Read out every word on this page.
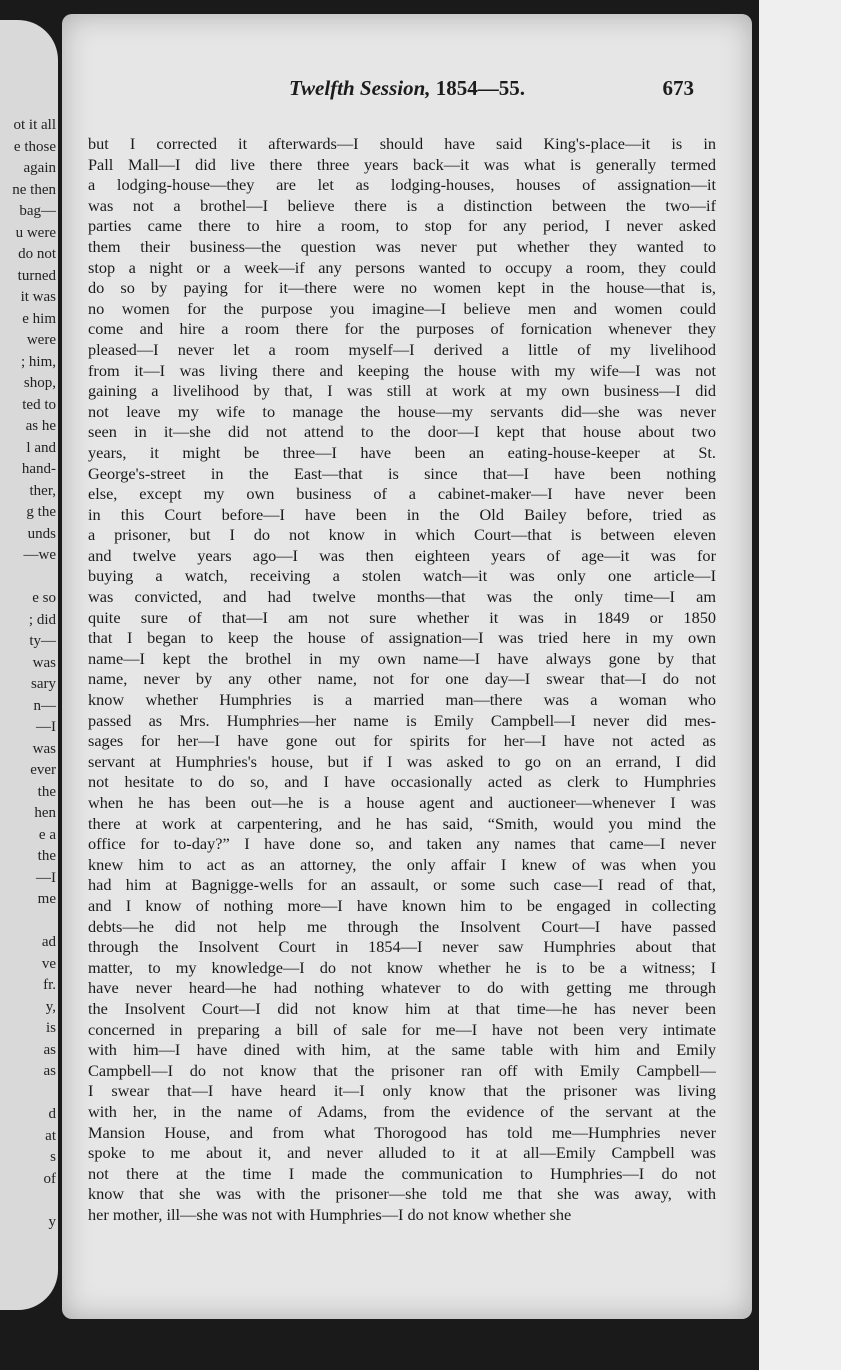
ot it all
e those
again
ne then
bag—
u were
do not
turned
it was
e him
were
; him,
shop,
ted to
as he
l and
hand-
ther,
g the
unds
—we
e so
; did
ty—
was
sary
n—
—I
was
ever
the
hen
e a
the
—I
me
ad
ve
fr.
y,
is
as
as
d
at
s
of
y
Twelfth Session, 1854—55.	673
but I corrected it afterwards—I should have said King's-place—it is in
Pall Mall—I did live there three years back—it was what is generally termed
a lodging-house—they are let as lodging-houses, houses of assignation—it
was not a brothel—I believe there is a distinction between the two—if
parties came there to hire a room, to stop for any period, I never asked
them their business—the question was never put whether they wanted to
stop a night or a week—if any persons wanted to occupy a room, they could
do so by paying for it—there were no women kept in the house—that is,
no women for the purpose you imagine—I believe men and women could
come and hire a room there for the purposes of fornication whenever they
pleased—I never let a room myself—I derived a little of my livelihood
from it—I was living there and keeping the house with my wife—I was not
gaining a livelihood by that, I was still at work at my own business—I did
not leave my wife to manage the house—my servants did—she was never
seen in it—she did not attend to the door—I kept that house about two
years, it might be three—I have been an eating-house-keeper at St.
George's-street in the East—that is since that—I have been nothing
else, except my own business of a cabinet-maker—I have never been
in this Court before—I have been in the Old Bailey before, tried as
a prisoner, but I do not know in which Court—that is between eleven
and twelve years ago—I was then eighteen years of age—it was for
buying a watch, receiving a stolen watch—it was only one article—I
was convicted, and had twelve months—that was the only time—I am
quite sure of that—I am not sure whether it was in 1849 or 1850
that I began to keep the house of assignation—I was tried here in my own
name—I kept the brothel in my own name—I have always gone by that
name, never by any other name, not for one day—I swear that—I do not
know whether Humphries is a married man—there was a woman who
passed as Mrs. Humphries—her name is Emily Campbell—I never did mes-
sages for her—I have gone out for spirits for her—I have not acted as
servant at Humphries's house, but if I was asked to go on an errand, I did
not hesitate to do so, and I have occasionally acted as clerk to Humphries
when he has been out—he is a house agent and auctioneer—whenever I was
there at work at carpentering, and he has said, “Smith, would you mind the
office for to-day?” I have done so, and taken any names that came—I never
knew him to act as an attorney, the only affair I knew of was when you
had him at Bagnigge-wells for an assault, or some such case—I read of that,
and I know of nothing more—I have known him to be engaged in collecting
debts—he did not help me through the Insolvent Court—I have passed
through the Insolvent Court in 1854—I never saw Humphries about that
matter, to my knowledge—I do not know whether he is to be a witness; I
have never heard—he had nothing whatever to do with getting me through
the Insolvent Court—I did not know him at that time—he has never been
concerned in preparing a bill of sale for me—I have not been very intimate
with him—I have dined with him, at the same table with him and Emily
Campbell—I do not know that the prisoner ran off with Emily Campbell—
I swear that—I have heard it—I only know that the prisoner was living
with her, in the name of Adams, from the evidence of the servant at the
Mansion House, and from what Thorogood has told me—Humphries never
spoke to me about it, and never alluded to it at all—Emily Campbell was
not there at the time I made the communication to Humphries—I do not
know that she was with the prisoner—she told me that she was away, with
her mother, ill—she was not with Humphries—I do not know whether she
